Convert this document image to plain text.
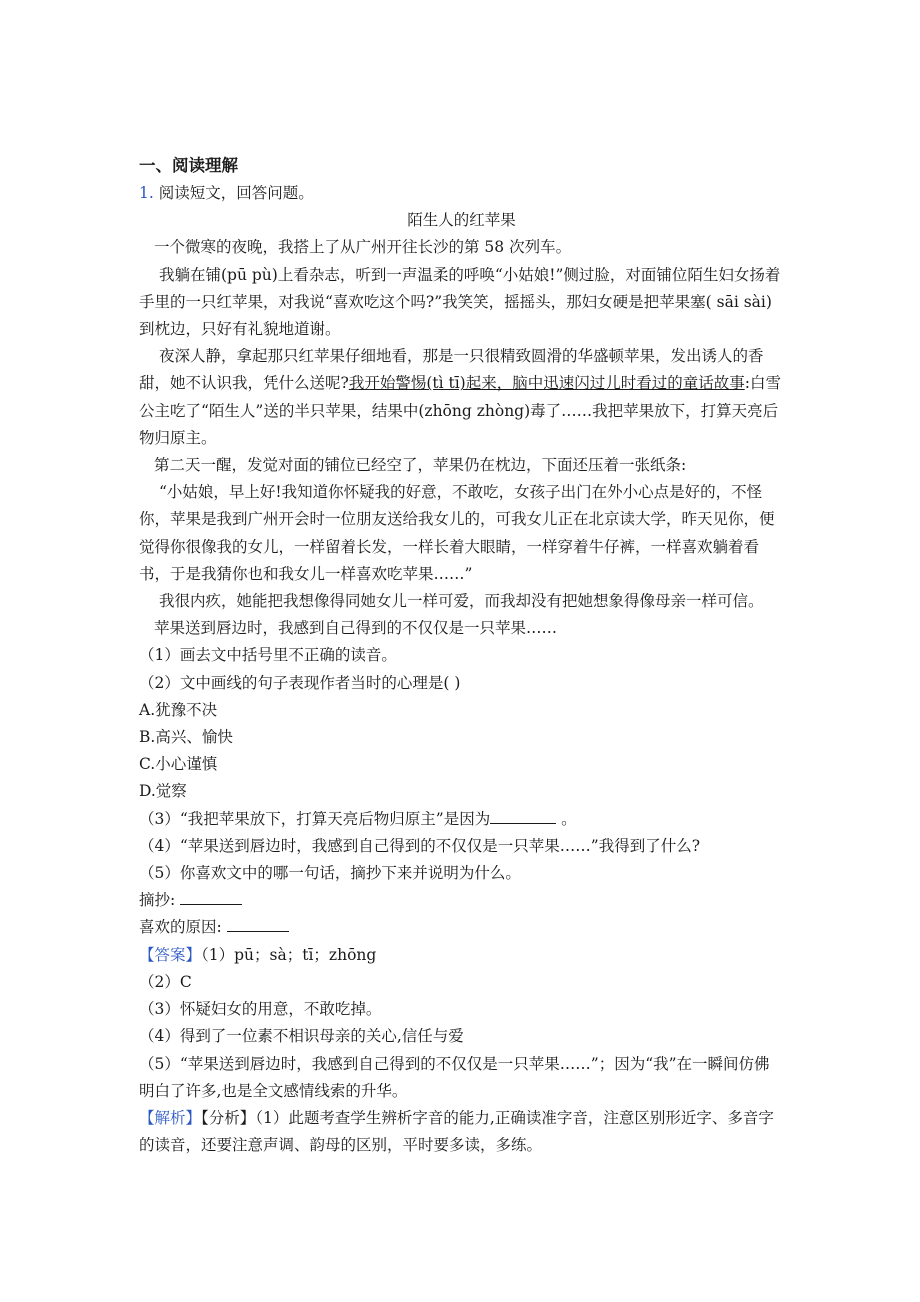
一、阅读理解

1. 阅读短文，回答问题。

陌生人的红苹果

一个微寒的夜晚，我搭上了从广州开往长沙的第 58 次列车。

我躺在铺(pū pù)上看杂志，听到一声温柔的呼唤“小姑娘!”侧过脸，对面铺位陌生妇女扬着手里的一只红苹果，对我说“喜欢吃这个吗?”我笑笑，摇摇头，那妇女硬是把苹果塞( sāi sài)到枕边，只好有礼貌地道谢。

夜深人静，拿起那只红苹果仔细地看，那是一只很精致圆滑的华盛顿苹果，发出诱人的香甜，她不认识我，凭什么送呢?我开始警惕(tì tī)起来，脑中迅速闪过儿时看过的童话故事:白雪公主吃了“陌生人”送的半只苹果，结果中(zhōng zhòng)毒了……我把苹果放下，打算天亮后物归原主。

第二天一醒，发觉对面的铺位已经空了，苹果仍在枕边，下面还压着一张纸条:

“小姑娘，早上好!我知道你怀疑我的好意，不敢吃，女孩子出门在外小心点是好的，不怪你，苹果是我到广州开会时一位朋友送给我女儿的，可我女儿正在北京读大学，昨天见你，便觉得你很像我的女儿，一样留着长发，一样长着大眼睛，一样穿着牛仔裤，一样喜欢躺着看书，于是我猜你也和我女儿一样喜欢吃苹果……”

我很内疚，她能把我想像得同她女儿一样可爱，而我却没有把她想象得像母亲一样可信。

苹果送到唇边时，我感到自己得到的不仅仅是一只苹果……

（1）画去文中括号里不正确的读音。

（2）文中画线的句子表现作者当时的心理是( )

A.犹豫不决

B.高兴、愉快

C.小心谨慎

D.觉察

（3）“我把苹果放下，打算天亮后物归原主”是因为	。

（4）“苹果送到唇边时，我感到自己得到的不仅仅是一只苹果……”我得到了什么?

（5）你喜欢文中的哪一句话，摘抄下来并说明为什么。

摘抄:

喜欢的原因:

【答案】（1）pū；sà；tī；zhōng

（2）C

（3）怀疑妇女的用意，不敢吃掉。

（4）得到了一位素不相识母亲的关心,信任与爱

（5）“苹果送到唇边时，我感到自己得到的不仅仅是一只苹果……”；因为“我”在一瞬间仿佛明白了许多,也是全文感情线索的升华。

【解析】【分析】（1）此题考查学生辨析字音的能力,正确读准字音，注意区别形近字、多音字的读音，还要注意声调、韵母的区别，平时要多读，多练。
